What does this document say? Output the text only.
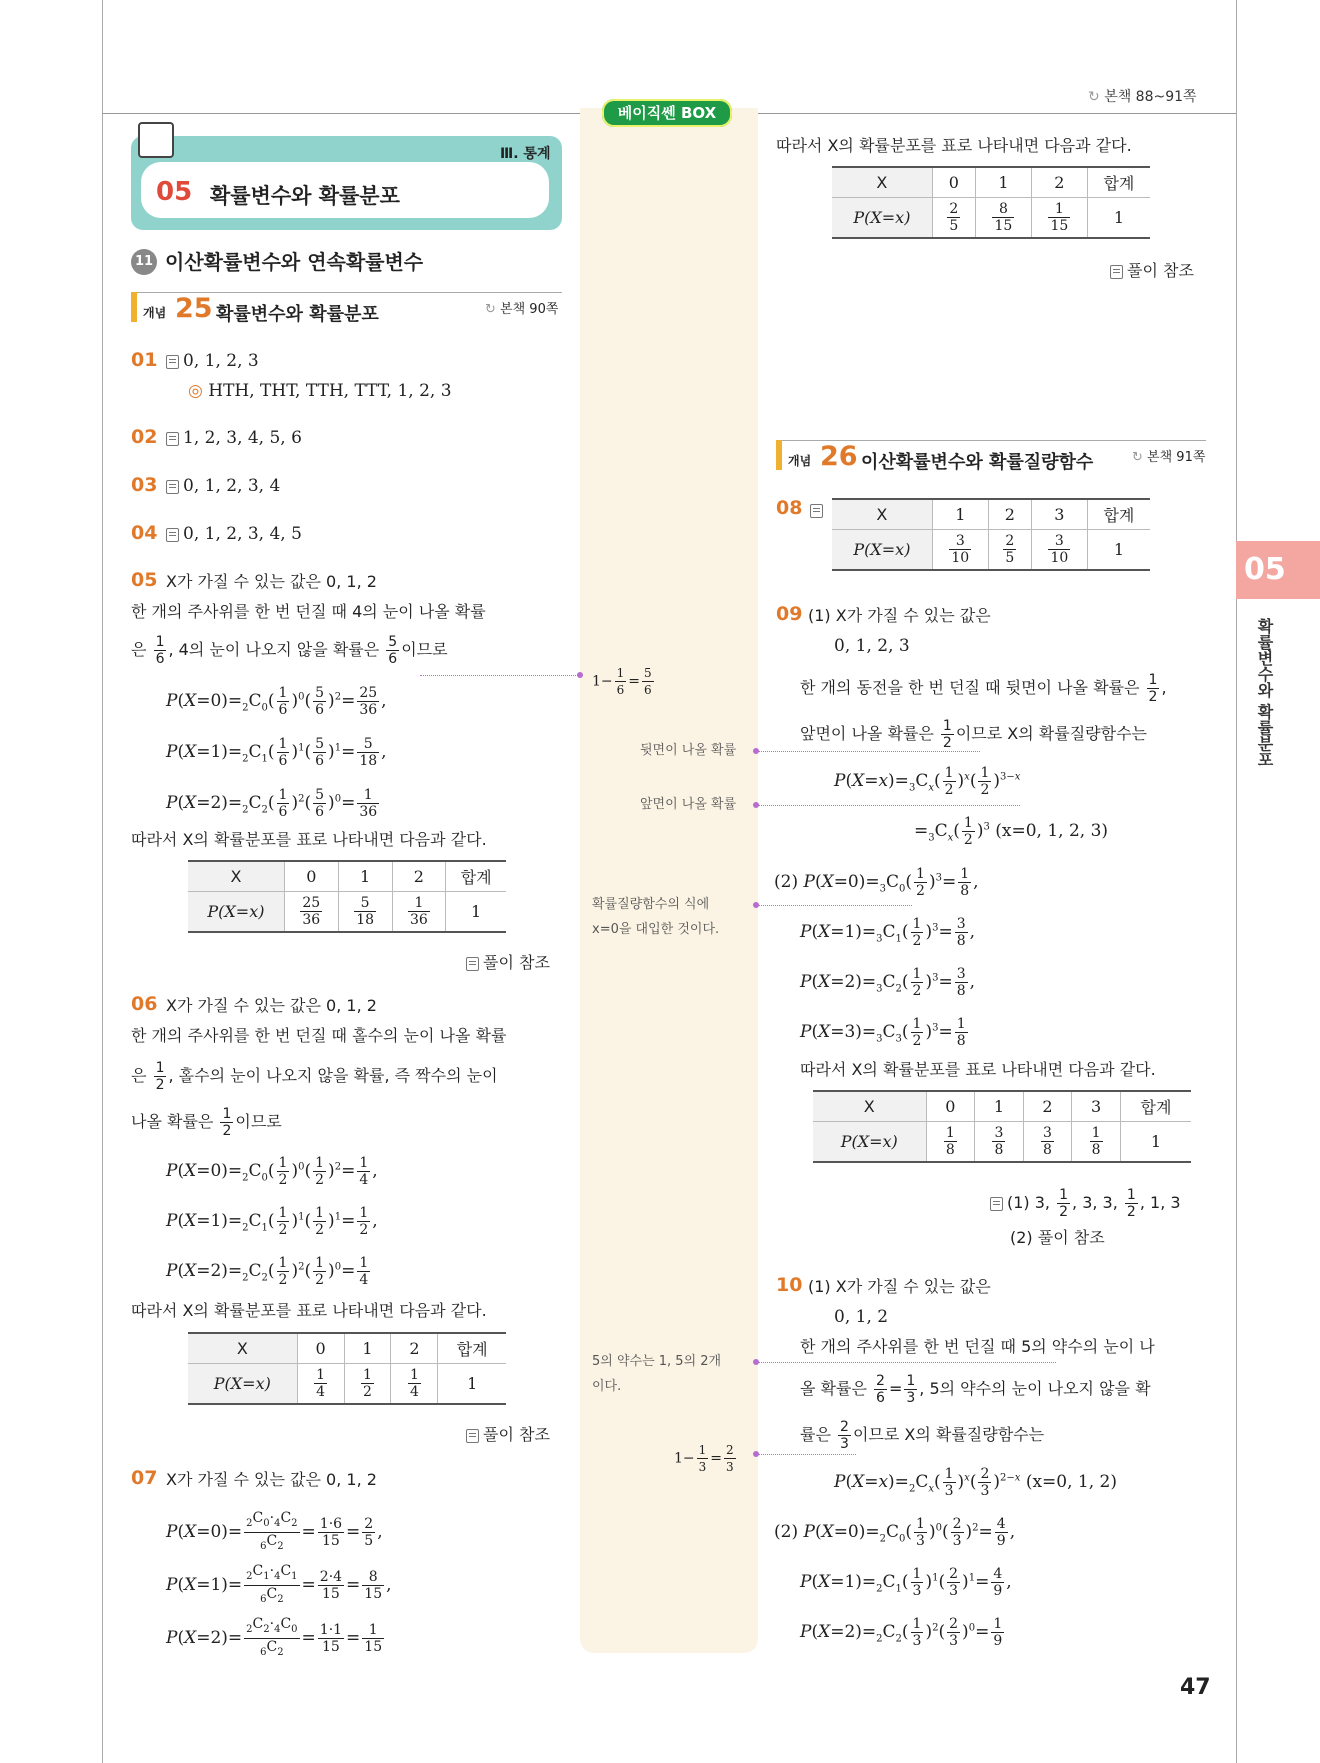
베이직쎈 BOX
↻ 본책 88~91쪽
Ⅲ. 통계
05 확률변수와 확률분포
11 이산확률변수와 연속확률변수
개념 25 확률변수와 확률분포	↻ 본책 90쪽
01	0, 1, 2, 3
◎ HTH, THT, TTH, TTT, 1, 2, 3
02	1, 2, 3, 4, 5, 6
03	0, 1, 2, 3, 4
04	0, 1, 2, 3, 4, 5
05 X가 가질 수 있는 값은 0, 1, 2
한 개의 주사위를 한 번 던질 때 4의 눈이 나올 확률
은 $\frac{1}{6}$ , 4의 눈이 나오지 않을 확률은 $\frac{5}{6}$ 이므로
$P(X=0)=_2C_0( \frac{1}{6} )^0( \frac{5}{6} )^2= \frac{25}{36}$ ,
$P(X=1)=_2C_1( \frac{1}{6} )^1( \frac{5}{6} )^1= \frac{5}{18}$ ,
$P(X=2)=_2C_2( \frac{1}{6} )^2( \frac{5}{6} )^0= \frac{1}{36}$
따라서 X의 확률분포를 표로 나타내면 다음과 같다.
X	0	1	2	합계
P(X=x)	$\frac{25}{36}$	$\frac{5}{18}$	$\frac{1}{36}$	1
풀이 참조
06 X가 가질 수 있는 값은 0, 1, 2
한 개의 주사위를 한 번 던질 때 홀수의 눈이 나올 확률
은 $\frac{1}{2}$ , 홀수의 눈이 나오지 않을 확률, 즉 짝수의 눈이
나올 확률은 $\frac{1}{2}$ 이므로
$P(X=0)=_2C_0( \frac{1}{2} )^0( \frac{1}{2} )^2= \frac{1}{4}$ ,
$P(X=1)=_2C_1( \frac{1}{2} )^1( \frac{1}{2} )^1= \frac{1}{2}$ ,
$P(X=2)=_2C_2( \frac{1}{2} )^2( \frac{1}{2} )^0= \frac{1}{4}$
따라서 X의 확률분포를 표로 나타내면 다음과 같다.
X	0	1	2	합계
P(X=x)	$\frac{1}{4}$	$\frac{1}{2}$	$\frac{1}{4}$	1
풀이 참조
07 X가 가질 수 있는 값은 0, 1, 2
$P(X=0)= \frac{_2C_0\cdot_4C_2}{_6C_2} = \frac{1\cdot 6}{15} = \frac{2}{5}$ ,
$P(X=1)= \frac{_2C_1\cdot_4C_1}{_6C_2} = \frac{2\cdot 4}{15} = \frac{8}{15}$ ,
$P(X=2)= \frac{_2C_2\cdot_4C_0}{_6C_2} = \frac{1\cdot 1}{15} = \frac{1}{15}$
따라서 X의 확률분포를 표로 나타내면 다음과 같다.
X	0	1	2	합계
P(X=x)	$\frac{2}{5}$	$\frac{8}{15}$	$\frac{1}{15}$	1
풀이 참조
개념 26 이산확률변수와 확률질량함수	↻ 본책 91쪽
08	X	1	2	3	합계
P(X=x)	$\frac{3}{10}$	$\frac{2}{5}$	$\frac{3}{10}$	1
09 (1) X가 가질 수 있는 값은
0, 1, 2, 3
한 개의 동전을 한 번 던질 때 뒷면이 나올 확률은 $\frac{1}{2}$ ,
앞면이 나올 확률은 $\frac{1}{2}$ 이므로 X의 확률질량함수는
$P(X=x)=_3C_x( \frac{1}{2} )^x( \frac{1}{2} )^{3-x}$
$=_3C_x( \frac{1}{2} )^3$ (x=0, 1, 2, 3)
(2) $P(X=0)=_3C_0( \frac{1}{2} )^3= \frac{1}{8}$ ,
$P(X=1)=_3C_1( \frac{1}{2} )^3= \frac{3}{8}$ ,
$P(X=2)=_3C_2( \frac{1}{2} )^3= \frac{3}{8}$ ,
$P(X=3)=_3C_3( \frac{1}{2} )^3= \frac{1}{8}$
따라서 X의 확률분포를 표로 나타내면 다음과 같다.
X	0	1	2	3	합계
P(X=x)	$\frac{1}{8}$	$\frac{3}{8}$	$\frac{3}{8}$	$\frac{1}{8}$	1
(1) 3, $\frac{1}{2}$ , 3, 3, $\frac{1}{2}$ , 1, 3
(2) 풀이 참조
10 (1) X가 가질 수 있는 값은
0, 1, 2
한 개의 주사위를 한 번 던질 때 5의 약수의 눈이 나
올 확률은 $\frac{2}{6} = \frac{1}{3}$ , 5의 약수의 눈이 나오지 않을 확
률은 $\frac{2}{3}$ 이므로 X의 확률질량함수는
$P(X=x)=_2C_x( \frac{1}{3} )^x( \frac{2}{3} )^{2-x}$ (x=0, 1, 2)
(2) $P(X=0)=_2C_0( \frac{1}{3} )^0( \frac{2}{3} )^2= \frac{4}{9}$ ,
$P(X=1)=_2C_1( \frac{1}{3} )^1( \frac{2}{3} )^1= \frac{4}{9}$ ,
$P(X=2)=_2C_2( \frac{1}{3} )^2( \frac{2}{3} )^0= \frac{1}{9}$
$1- \frac{1}{6} = \frac{5}{6}$
뒷면이 나올 확률
앞면이 나올 확률
확률질량함수의 식에
x=0을 대입한 것이다.
5의 약수는 1, 5의 2개
이다.
$1- \frac{1}{3} = \frac{2}{3}$
05
확률변수와 확률분포
47
